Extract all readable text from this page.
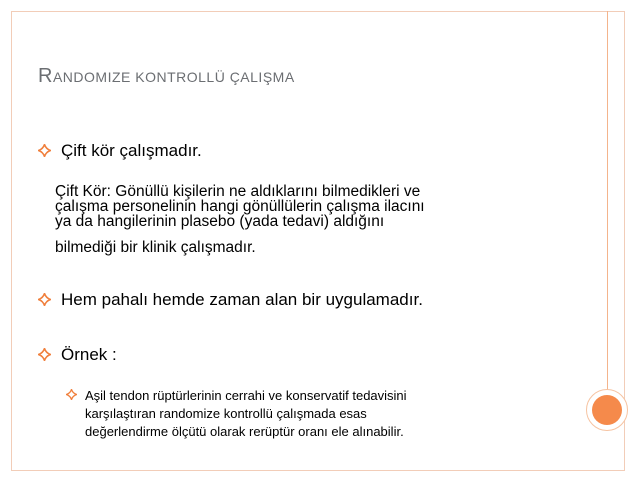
RANDOMIZE KONTROLLÜ ÇALIŞMA
Çift kör çalışmadır.
Çift Kör: Gönüllü kişilerin ne aldıklarını bilmedikleri ve
çalışma personelinin hangi gönüllülerin çalışma ilacını
ya da hangilerinin plasebo (yada tedavi) aldığını
bilmediği bir klinik çalışmadır.
Hem pahalı hemde zaman alan bir uygulamadır.
Örnek :
Aşil tendon rüptürlerinin cerrahi ve konservatif tedavisini
karşılaştıran randomize kontrollü çalışmada esas
değerlendirme ölçütü olarak rerüptür oranı ele alınabilir.
